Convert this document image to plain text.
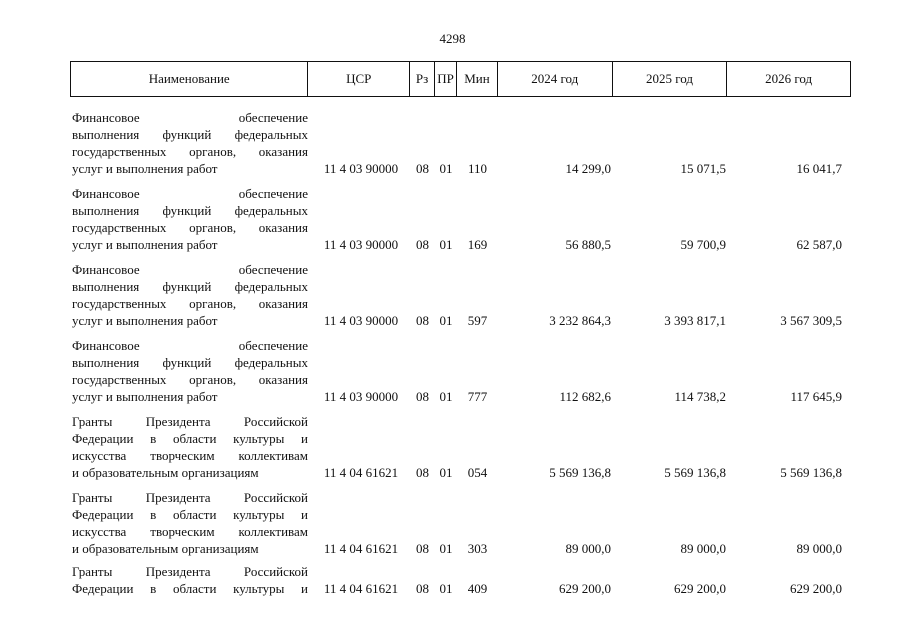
4298
Наименование	ЦСР	Рз ПР Мин	2024 год	2025 год	2026 год
Финансовое обеспечение
выполнения функций федеральных
государственных органов, оказания
услуг и выполнения работ	11 4 03 90000	08 01	110	14 299,0	15 071,5	16 041,7
Финансовое обеспечение
выполнения функций федеральных
государственных органов, оказания
услуг и выполнения работ	11 4 03 90000	08 01	169	56 880,5	59 700,9	62 587,0
Финансовое обеспечение
выполнения функций федеральных
государственных органов, оказания
услуг и выполнения работ	11 4 03 90000	08 01	597	3 232 864,3	3 393 817,1	3 567 309,5
Финансовое обеспечение
выполнения функций федеральных
государственных органов, оказания
услуг и выполнения работ	11 4 03 90000	08 01	777	112 682,6	114 738,2	117 645,9
Гранты Президента Российской
Федерации в области культуры и
искусства творческим коллективам
и образовательным организациям	11 4 04 61621	08 01	054	5 569 136,8	5 569 136,8	5 569 136,8
Гранты Президента Российской
Федерации в области культуры и
искусства творческим коллективам
и образовательным организациям	11 4 04 61621	08 01	303	89 000,0	89 000,0	89 000,0
Гранты Президента Российской
Федерации в области культуры и	11 4 04 61621	08 01	409	629 200,0	629 200,0	629 200,0
